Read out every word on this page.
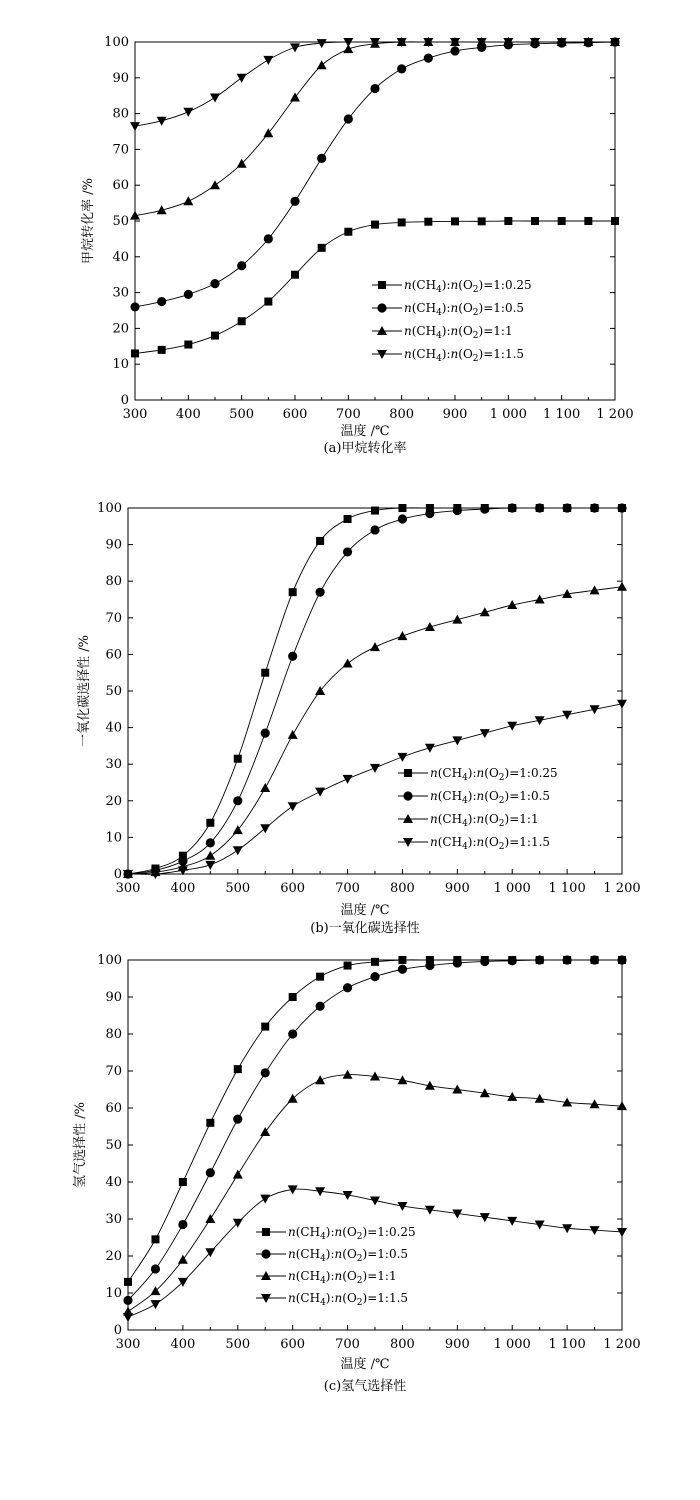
300 400 500 600 700 800 900 1 000 1 100 1 200
0
10
20
30
40
50
60
70
80
90
100
温度 /℃
甲烷转化率 /%
(a)甲烷转化率
$n(CH_4):n(O_2)=1:0.25$
$n(CH_4):n(O_2)=1:0.5$
$n(CH_4):n(O_2)=1:1$
$n(CH_4):n(O_2)=1:1.5$
300 400 500 600 700 800 900 1 000 1 100 1 200
0
10
20
30
40
50
60
70
80
90
100
温度 /℃
一氧化碳选择性 /%
(b)一氧化碳选择性
$n(CH_4):n(O_2)=1:0.25$
$n(CH_4):n(O_2)=1:0.5$
$n(CH_4):n(O_2)=1:1$
$n(CH_4):n(O_2)=1:1.5$
300 400 500 600 700 800 900 1 000 1 100 1 200
0
10
20
30
40
50
60
70
80
90
100
温度 /℃
氢气选择性 /%
(c)氢气选择性
$n(CH_4):n(O_2)=1:0.25$
$n(CH_4):n(O_2)=1:0.5$
$n(CH_4):n(O_2)=1:1$
$n(CH_4):n(O_2)=1:1.5$
